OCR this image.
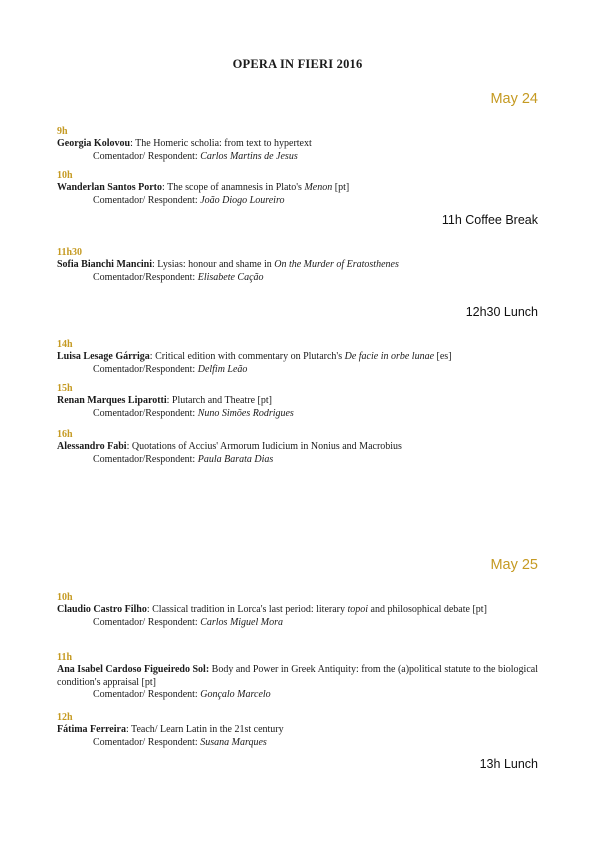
OPERA IN FIERI 2016
May 24
9h
Georgia Kolovou: The Homeric scholia: from text to hypertext
Comentador/ Respondent: Carlos Martins de Jesus
10h
Wanderlan Santos Porto: The scope of anamnesis in Plato's Menon [pt]
Comentador/ Respondent: João Diogo Loureiro
11h Coffee Break
11h30
Sofia Bianchi Mancini: Lysias: honour and shame in On the Murder of Eratosthenes
Comentador/Respondent: Elisabete Cação
12h30 Lunch
14h
Luisa Lesage Gárriga: Critical edition with commentary on Plutarch's De facie in orbe lunae [es]
Comentador/Respondent: Delfim Leão
15h
Renan Marques Liparotti: Plutarch and Theatre [pt]
Comentador/Respondent: Nuno Simões Rodrigues
16h
Alessandro Fabi: Quotations of Accius' Armorum Iudicium in Nonius and Macrobius
Comentador/Respondent: Paula Barata Dias
May 25
10h
Claudio Castro Filho: Classical tradition in Lorca's last period: literary topoi and philosophical debate [pt]
Comentador/ Respondent: Carlos Miguel Mora
11h
Ana Isabel Cardoso Figueiredo Sol: Body and Power in Greek Antiquity: from the (a)political statute to the biological condition's appraisal [pt]
Comentador/ Respondent: Gonçalo Marcelo
12h
Fátima Ferreira: Teach/ Learn Latin in the 21st century
Comentador/ Respondent: Susana Marques
13h Lunch
